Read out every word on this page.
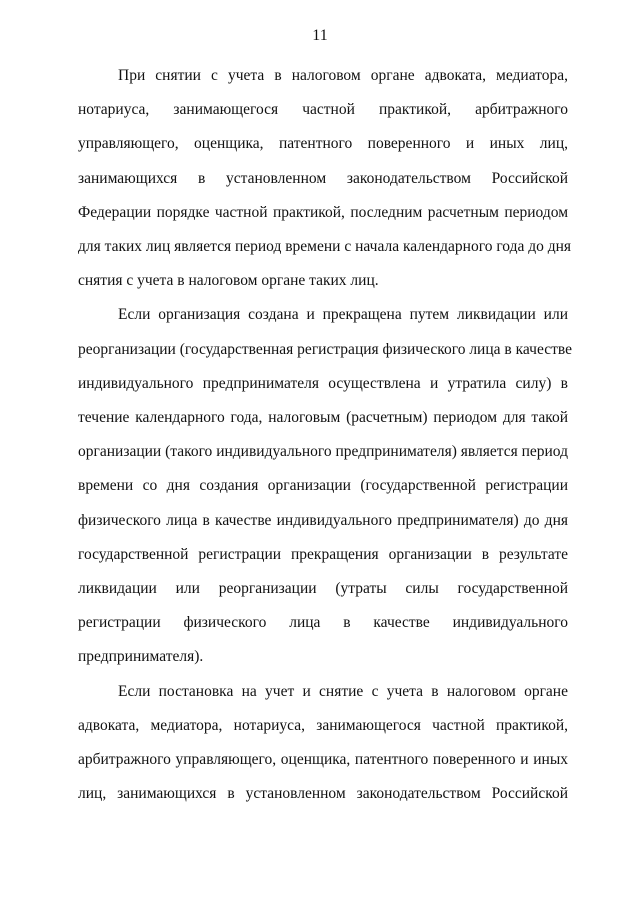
11

При снятии с учета в налоговом органе адвоката, медиатора,
нотариуса, занимающегося частной практикой, арбитражного
управляющего, оценщика, патентного поверенного и иных лиц,
занимающихся в установленном законодательством Российской
Федерации порядке частной практикой, последним расчетным периодом
для таких лиц является период времени с начала календарного года до дня
снятия с учета в налоговом органе таких лиц.

Если организация создана и прекращена путем ликвидации или
реорганизации (государственная регистрация физического лица в качестве
индивидуального предпринимателя осуществлена и утратила силу) в
течение календарного года, налоговым (расчетным) периодом для такой
организации (такого индивидуального предпринимателя) является период
времени со дня создания организации (государственной регистрации
физического лица в качестве индивидуального предпринимателя) до дня
государственной регистрации прекращения организации в результате
ликвидации или реорганизации (утраты силы государственной
регистрации физического лица в качестве индивидуального
предпринимателя).

Если постановка на учет и снятие с учета в налоговом органе
адвоката, медиатора, нотариуса, занимающегося частной практикой,
арбитражного управляющего, оценщика, патентного поверенного и иных
лиц, занимающихся в установленном законодательством Российской
